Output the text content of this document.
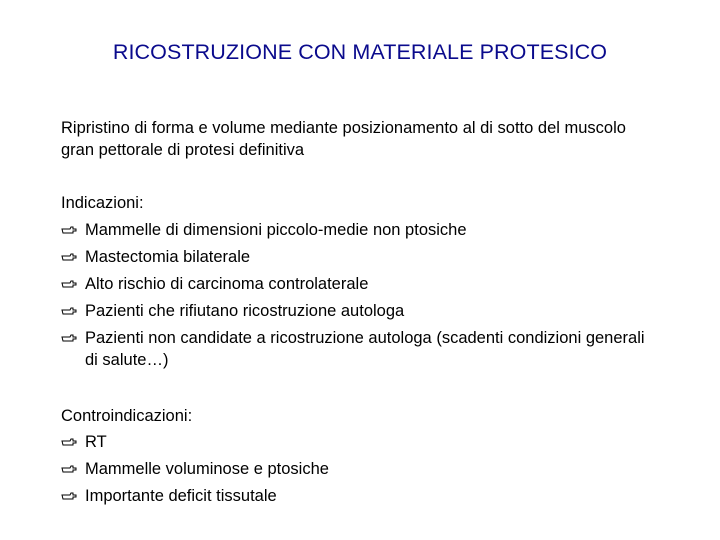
RICOSTRUZIONE CON MATERIALE PROTESICO
Ripristino di forma e volume mediante posizionamento al di sotto del muscolo gran pettorale di protesi definitiva
Indicazioni:
Mammelle di dimensioni piccolo-medie non ptosiche
Mastectomia bilaterale
Alto rischio di carcinoma controlaterale
Pazienti che rifiutano ricostruzione autologa
Pazienti non candidate a ricostruzione autologa (scadenti condizioni generali di salute…)
Controindicazioni:
RT
Mammelle voluminose e ptosiche
Importante deficit tissutale
